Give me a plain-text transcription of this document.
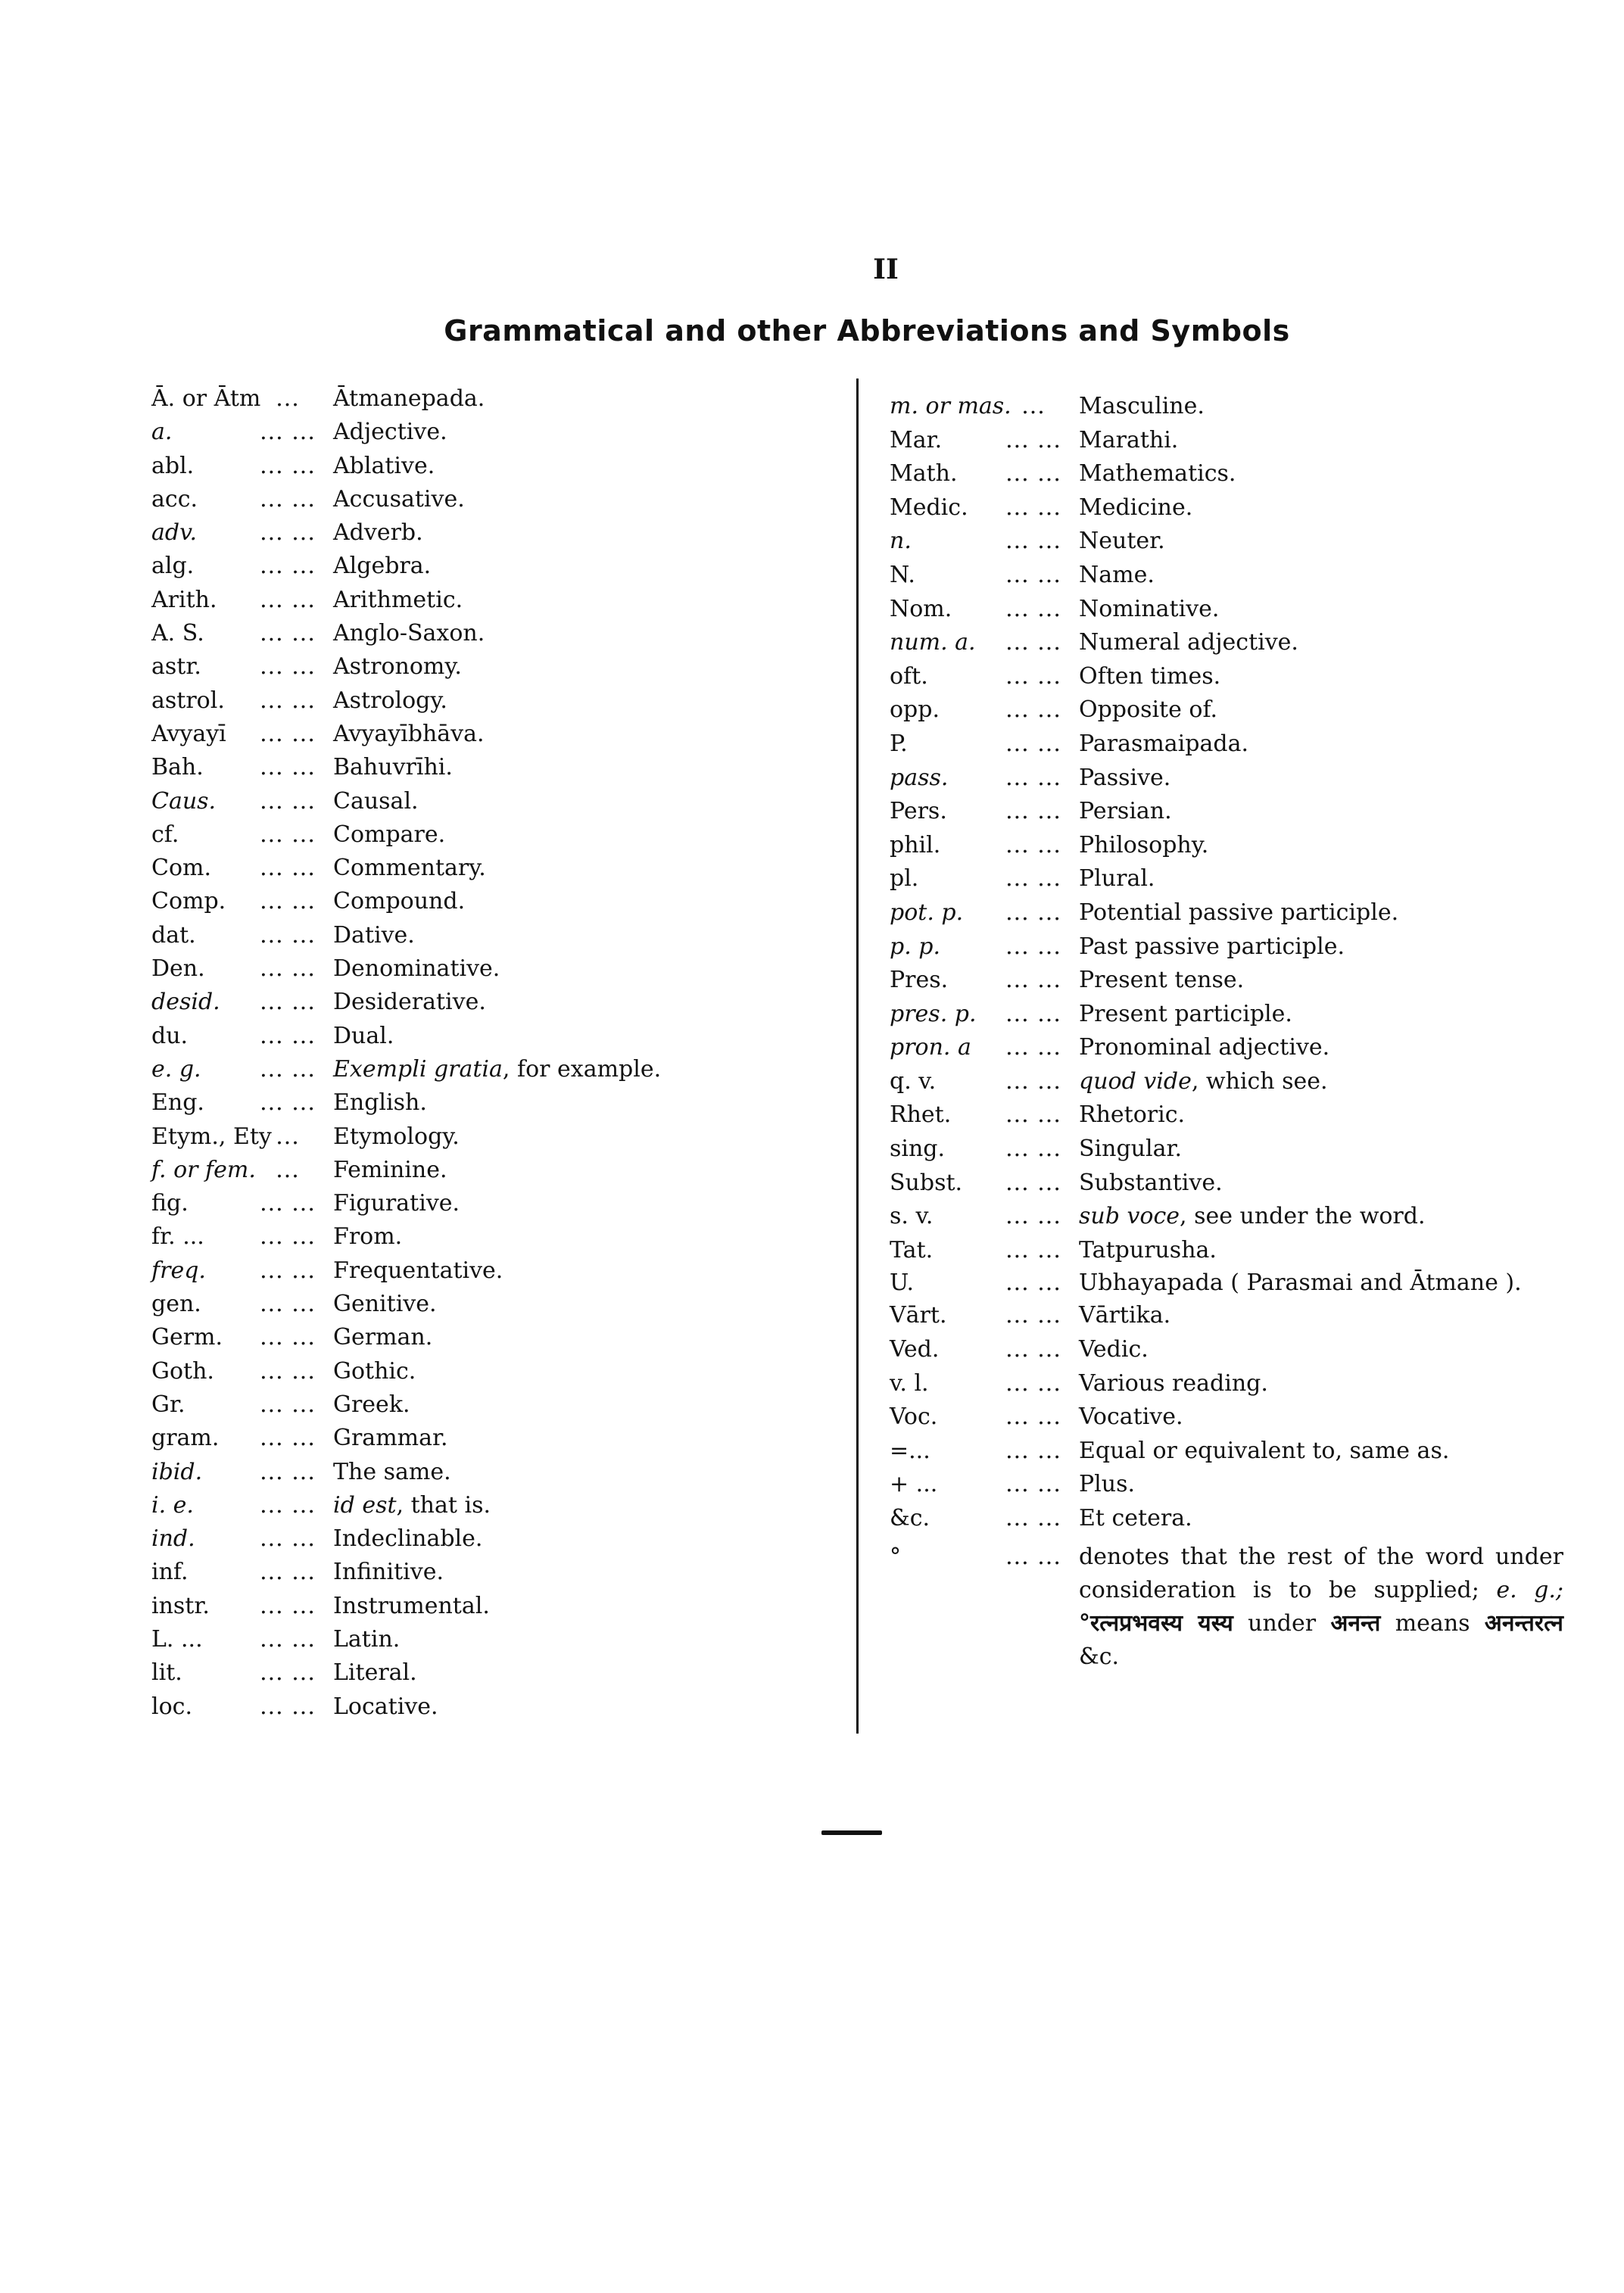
II
Grammatical and other Abbreviations and Symbols
Ā. or Ātm ...	Ātmanepada.
a.	... ... Adjective.
abl.	... ... Ablative.
acc.	... ... Accusative.
adv.	... ... Adverb.
alg.	... ... Algebra.
Arith.	... ... Arithmetic.
A. S.	... ... Anglo-Saxon.
astr.	... ... Astronomy.
astrol.	... ... Astrology.
Avyayī	... ... Avyayībhāva.
Bah.	... ... Bahuvrīhi.
Caus.	... ... Causal.
cf.	... ... Compare.
Com.	... ... Commentary.
Comp.	... ... Compound.
dat.	... ... Dative.
Den.	... ... Denominative.
desid.	... ... Desiderative.
du.	... ... Dual.
e. g.	... ... Exempli gratia, for example.
Eng.	... ... English.
Etym., Ety ...	Etymology.
f. or fem. ...	Feminine.
fig.	... ... Figurative.
fr. ...	... ... From.
freq.	... ... Frequentative.
gen.	... ... Genitive.
Germ.	... ... German.
Goth.	... ... Gothic.
Gr.	... ... Greek.
gram.	... ... Grammar.
ibid.	... ... The same.
i. e.	... ... id est, that is.
ind.	... ... Indeclinable.
inf.	... ... Infinitive.
instr.	... ... Instrumental.
L. ...	... ... Latin.
lit.	... ... Literal.
loc.	... ... Locative.
m. or mas. ...	Masculine.
Mar.	... ... Marathi.
Math.	... ... Mathematics.
Medic.	... ... Medicine.
n.	... ... Neuter.
N.	... ... Name.
Nom.	... ... Nominative.
num. a.	... ... Numeral adjective.
oft.	... ... Often times.
opp.	... ... Opposite of.
P.	... ... Parasmaipada.
pass.	... ... Passive.
Pers.	... ... Persian.
phil.	... ... Philosophy.
pl.	... ... Plural.
pot. p.	... ... Potential passive participle.
p. p.	... ... Past passive participle.
Pres.	... ... Present tense.
pres. p.	... ... Present participle.
pron. a	... ... Pronominal adjective.
q. v.	... ... quod vide, which see.
Rhet.	... ... Rhetoric.
sing.	... ... Singular.
Subst.	... ... Substantive.
s. v.	... ... sub voce, see under the word.
Tat.	... ... Tatpurusha.
U.	... ... Ubhayapada ( Parasmai and Ātmane ).
Vārt.	... ... Vārtika.
Ved.	... ... Vedic.
v. l.	... ... Various reading.
Voc.	... ... Vocative.
=...	... ... Equal or equivalent to, same as.
+ ...	... ... Plus.
&c.	... ... Et cetera.
°	... ... denotes that the rest of the word under consideration is to be supplied; e. g.; °रत्नप्रभवस्य यस्य under अनन्त means अनन्तरत्न &c.
